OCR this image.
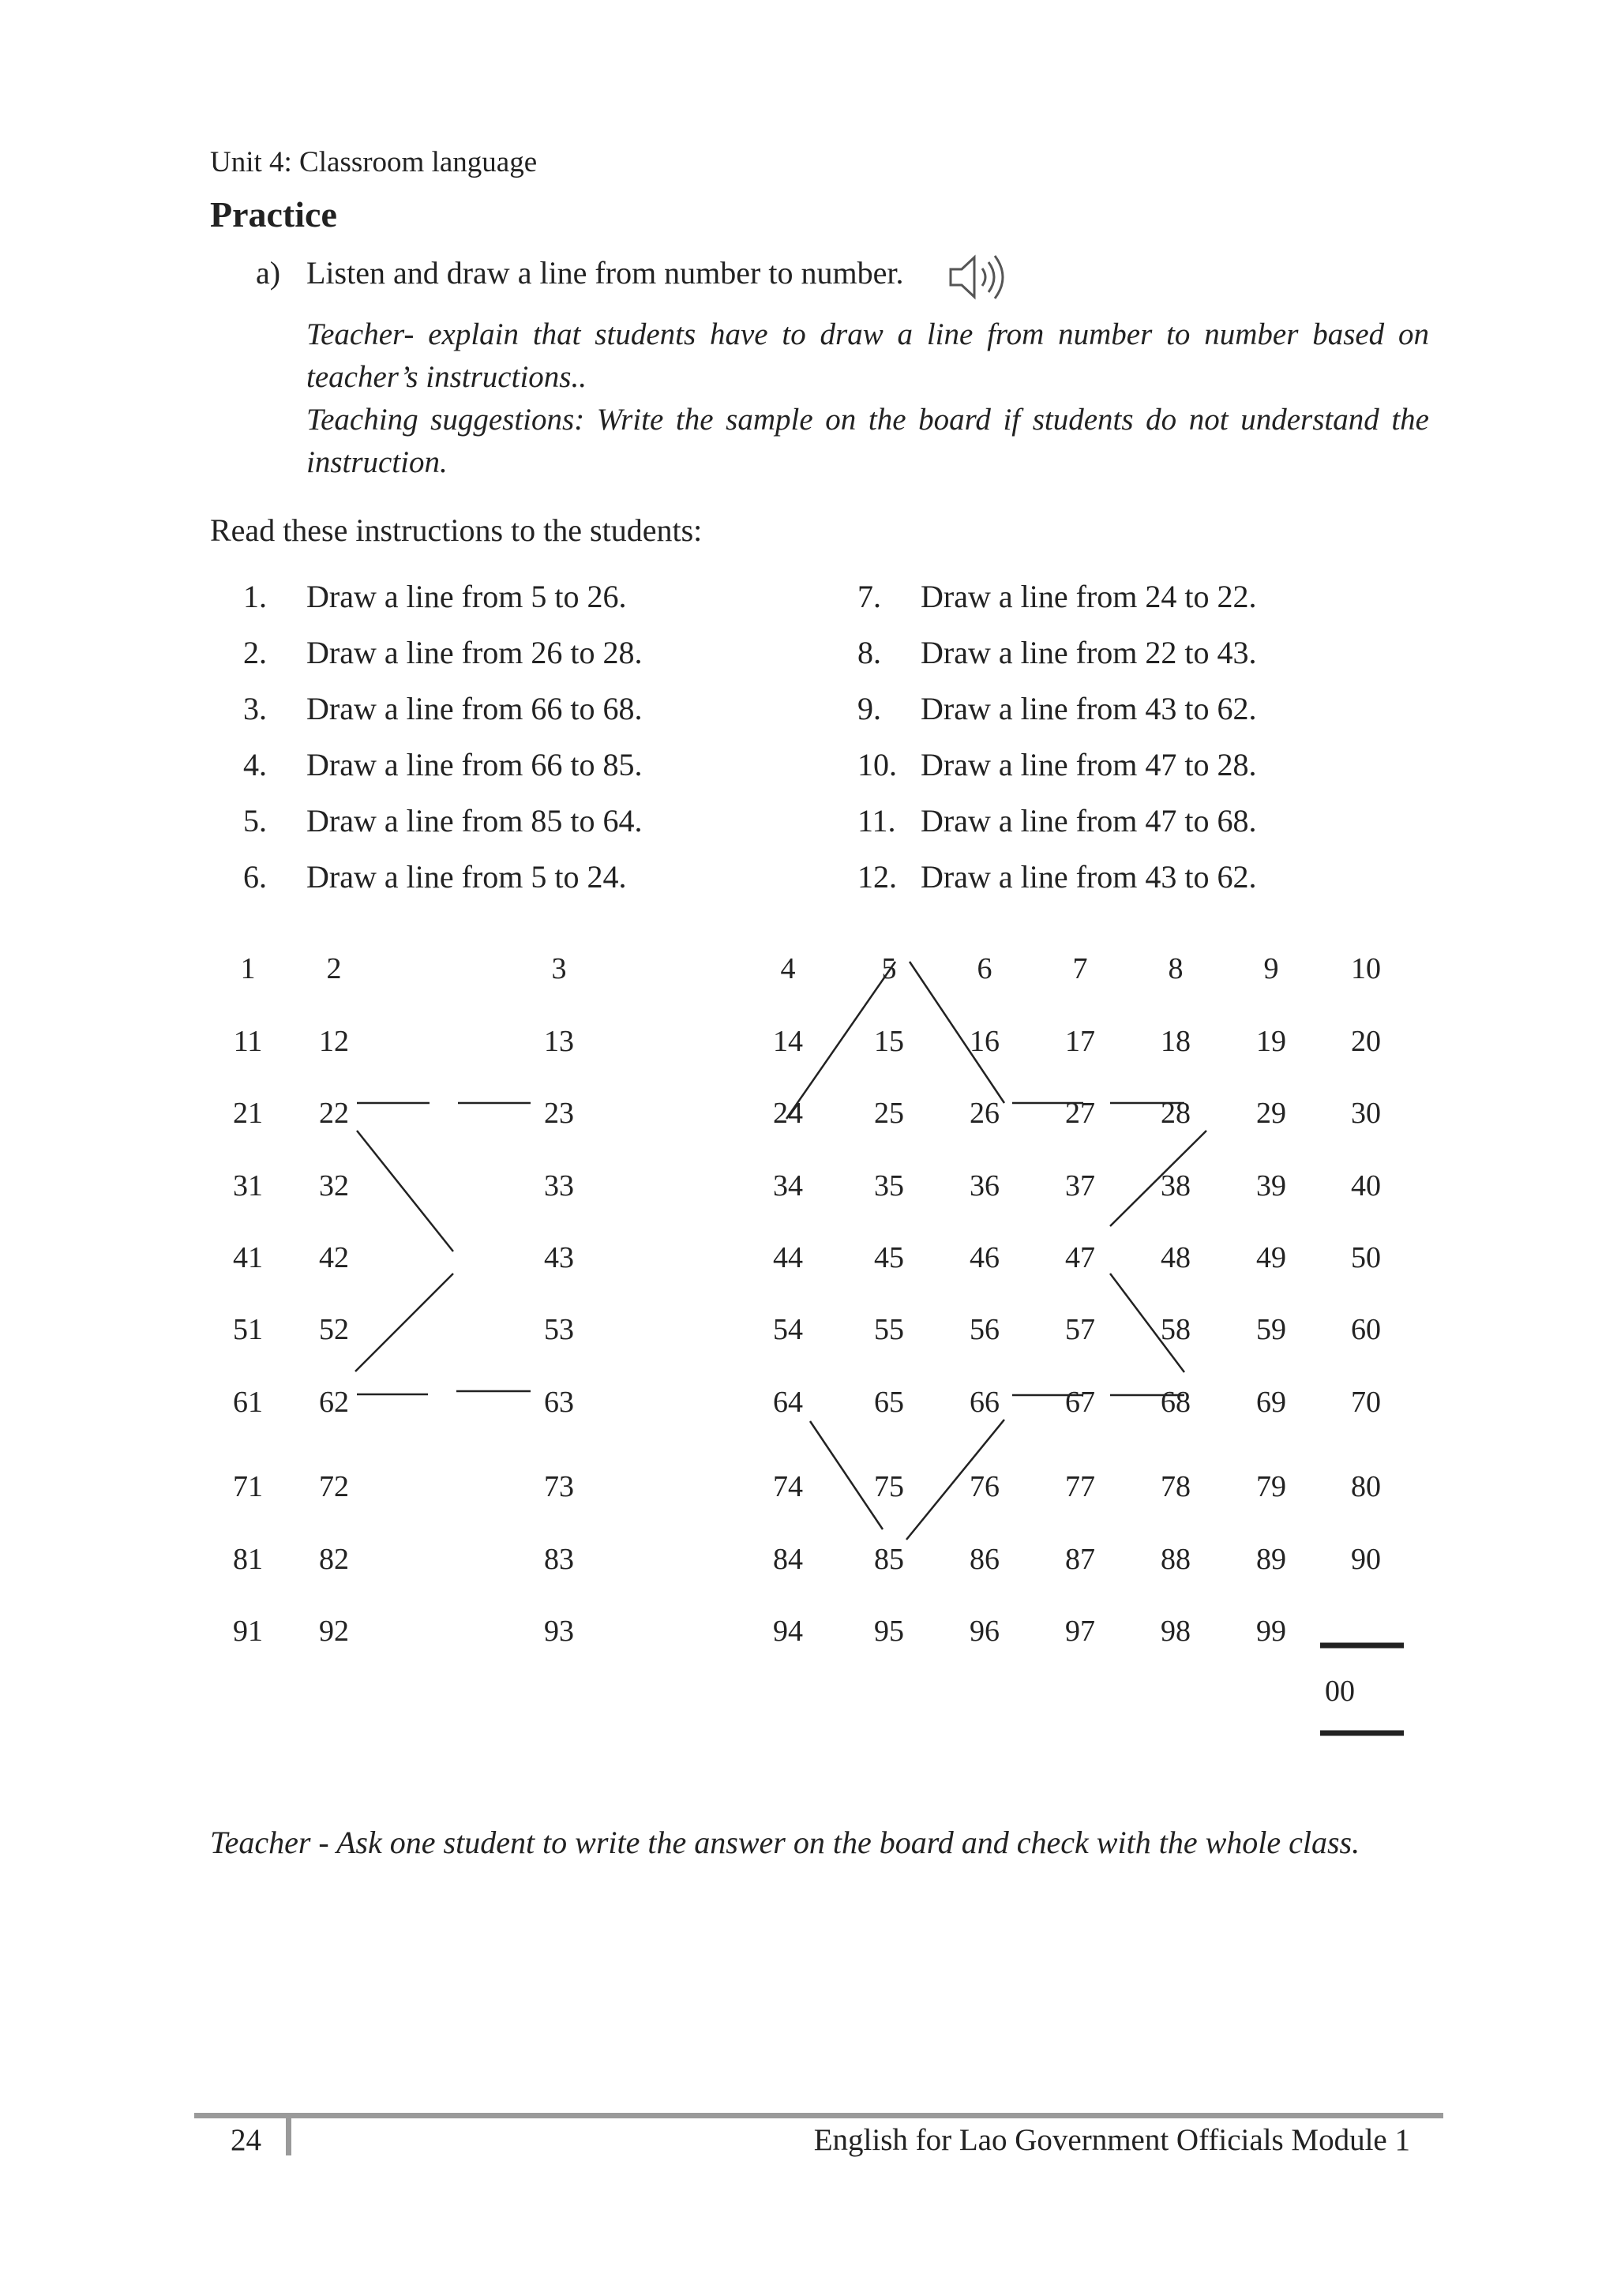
Unit 4: Classroom language
Practice
a) Listen and draw a line from number to number.
Teacher- explain that students have to draw a line from number to number based on teacher’s instructions..
Teaching suggestions: Write the sample on the board if students do not understand the instruction.
Read these instructions to the students:
1. Draw a line from 5 to 26.
2. Draw a line from 26 to 28.
3. Draw a line from 66 to 68.
4. Draw a line from 66 to 85.
5. Draw a line from 85 to 64.
6. Draw a line from 5 to 24.
7. Draw a line from 24 to 22.
8. Draw a line from 22 to 43.
9. Draw a line from 43 to 62.
10. Draw a line from 47 to 28.
11. Draw a line from 47 to 68.
12. Draw a line from 43 to 62.
1 2	3	4	5	6	7	8	9 10
11 12	13	14 15 16 17 18 19 20
21 22	23	24 25 26 27 28 29 30
31 32	33	34 35 36 37 38 39 40
41 42	43	44 45 46 47 48 49 50
51 52	53	54 55 56 57 58 59 60
61 62	63	64 65 66 67 68 69 70
71 72	73	74 75 76 77 78 79 80
81 82	83	84 85 86 87 88 89 90
91 92	93	94 95 96 97 98 99
00
Teacher - Ask one student to write the answer on the board and check with the whole class.
24	English for Lao Government Officials Module 1
